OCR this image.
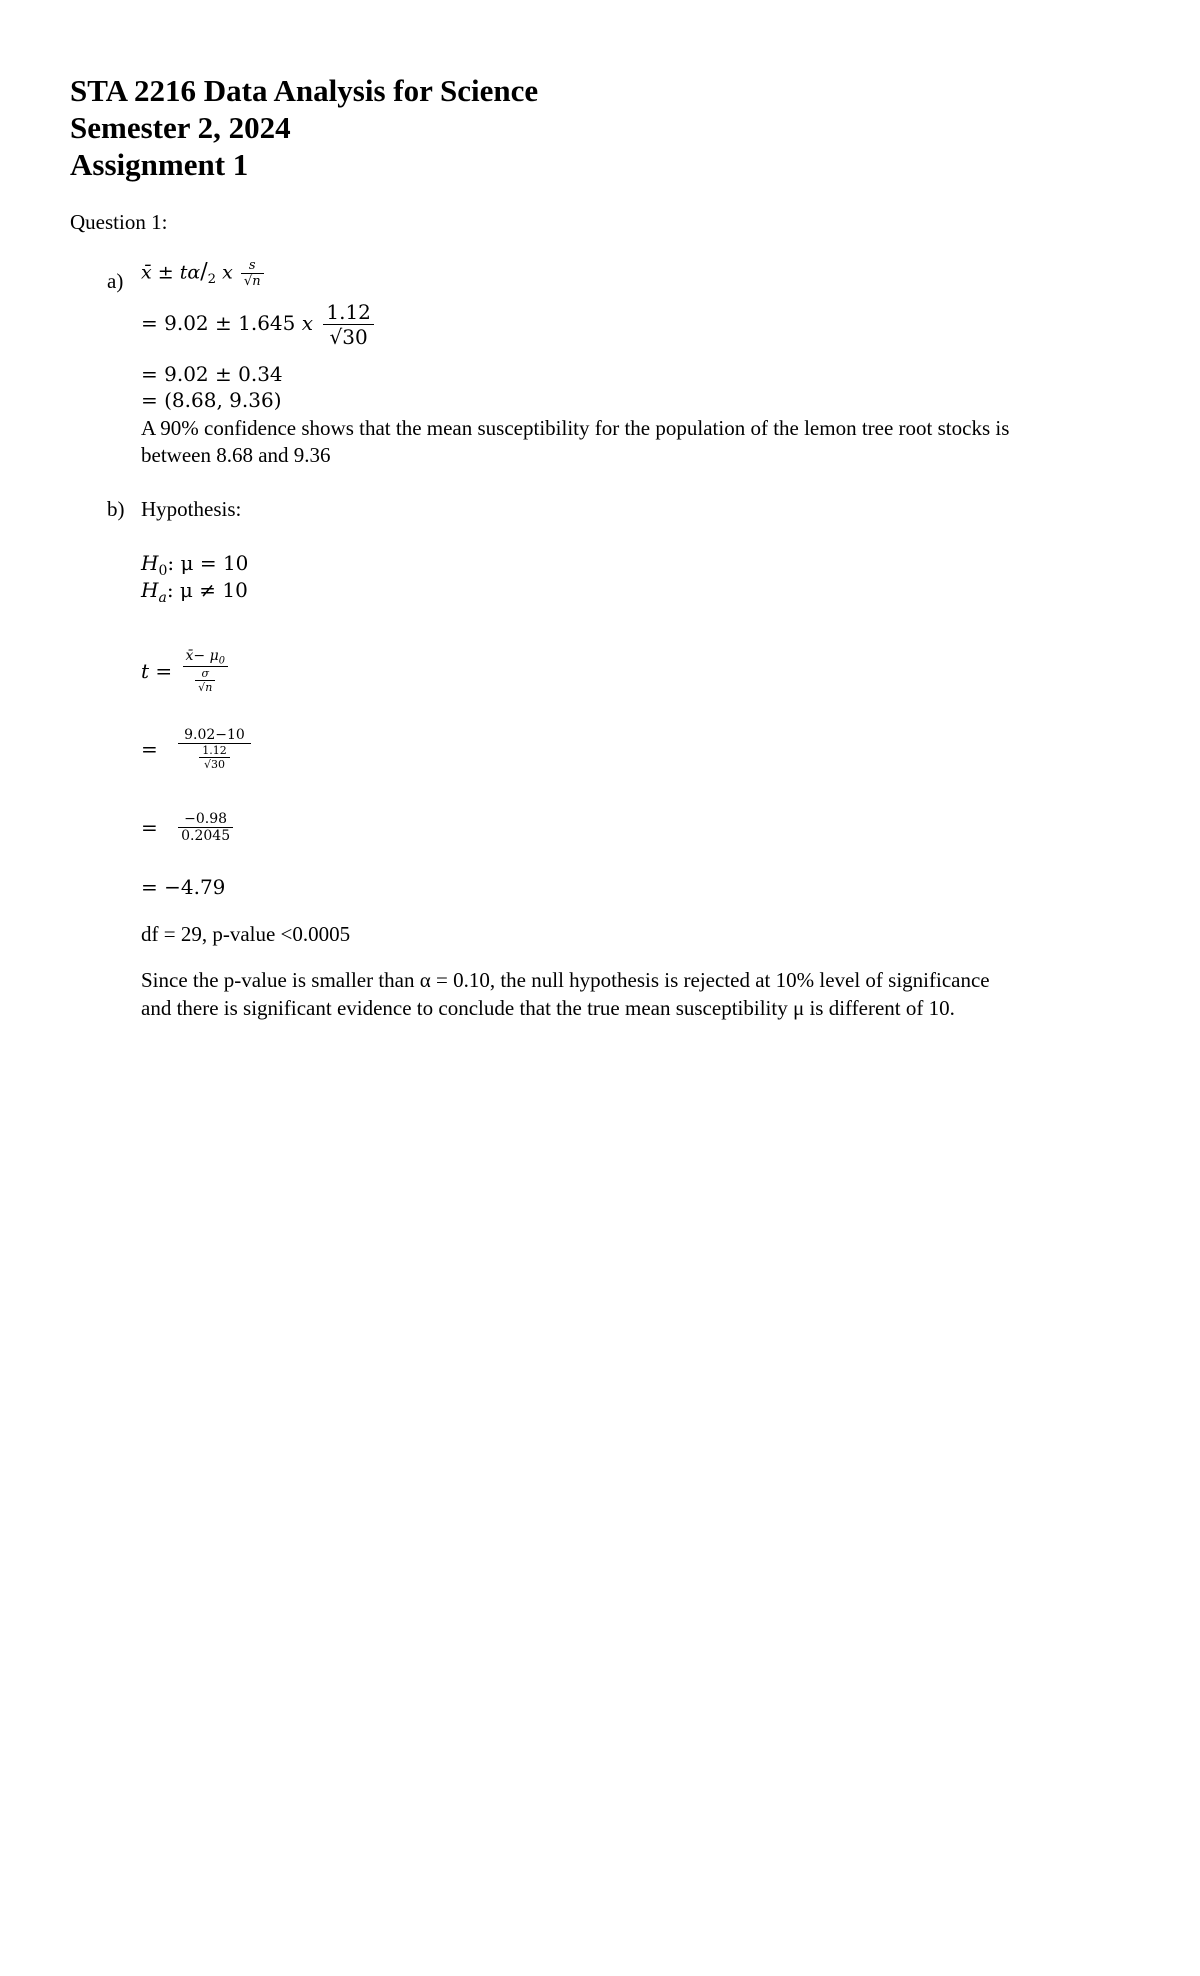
STA 2216 Data Analysis for Science
Semester 2, 2024
Assignment 1
Question 1:
a) x̄ ± $t\alpha/_2$ x $\frac{s}{√n}$
= 9.02 ± 1.645 x $\frac{1.12}{√30}$
= 9.02 ± 0.34
= (8.68, 9.36)
A 90% confidence shows that the mean susceptibility for the population of the lemon tree root stocks is
between 8.68 and 9.36
b) Hypothesis:
$H_0$: μ = 10
$H_a$: μ ≠ 10
$t = \frac{x̄- \mu_0}{\frac{\sigma}{√n}}$
= $\frac{9.02-10}{\frac{1.12}{√30}}$
= $\frac{-0.98}{0.2045}$
= −4.79
df = 29, p-value <0.0005
Since the p-value is smaller than α = 0.10, the null hypothesis is rejected at 10% level of significance
and there is significant evidence to conclude that the true mean susceptibility μ is different of 10.
